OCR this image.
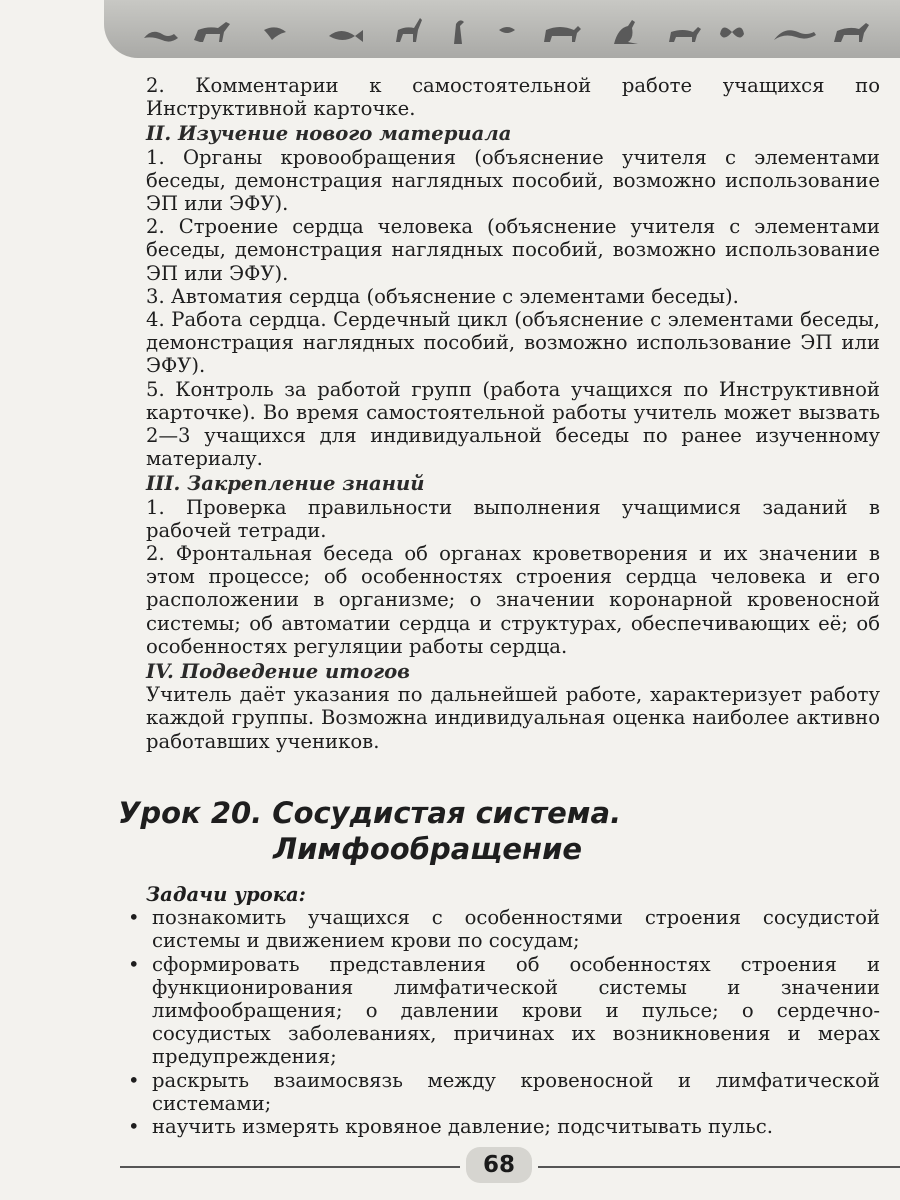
2. Комментарии к самостоятельной работе учащихся по Инструктивной карточке.

II. Изучение нового материала

1. Органы кровообращения (объяснение учителя с элементами беседы, демонстрация наглядных пособий, возможно использование ЭП или ЭФУ).

2. Строение сердца человека (объяснение учителя с элементами беседы, демонстрация наглядных пособий, возможно использование ЭП или ЭФУ).

3. Автоматия сердца (объяснение с элементами беседы).

4. Работа сердца. Сердечный цикл (объяснение с элементами беседы, демонстрация наглядных пособий, возможно использование ЭП или ЭФУ).

5. Контроль за работой групп (работа учащихся по Инструктивной карточке). Во время самостоятельной работы учитель может вызвать 2—3 учащихся для индивидуальной беседы по ранее изученному материалу.

III. Закрепление знаний

1. Проверка правильности выполнения учащимися заданий в рабочей тетради.

2. Фронтальная беседа об органах кроветворения и их значении в этом процессе; об особенностях строения сердца человека и его расположении в организме; о значении коронарной кровеносной системы; об автоматии сердца и структурах, обеспечивающих её; об особенностях регуляции работы сердца.

IV. Подведение итогов

Учитель даёт указания по дальнейшей работе, характеризует работу каждой группы. Возможна индивидуальная оценка наиболее активно работавших учеников.

Урок 20. Сосудистая система.
Лимфообращение

Задачи урока:

• познакомить учащихся с особенностями строения сосудистой системы и движением крови по сосудам;
• сформировать представления об особенностях строения и функционирования лимфатической системы и значении лимфообращения; о давлении крови и пульсе; о сердечно-сосудистых заболеваниях, причинах их возникновения и мерах предупреждения;
• раскрыть взаимосвязь между кровеносной и лимфатической системами;
• научить измерять кровяное давление; подсчитывать пульс.
68
